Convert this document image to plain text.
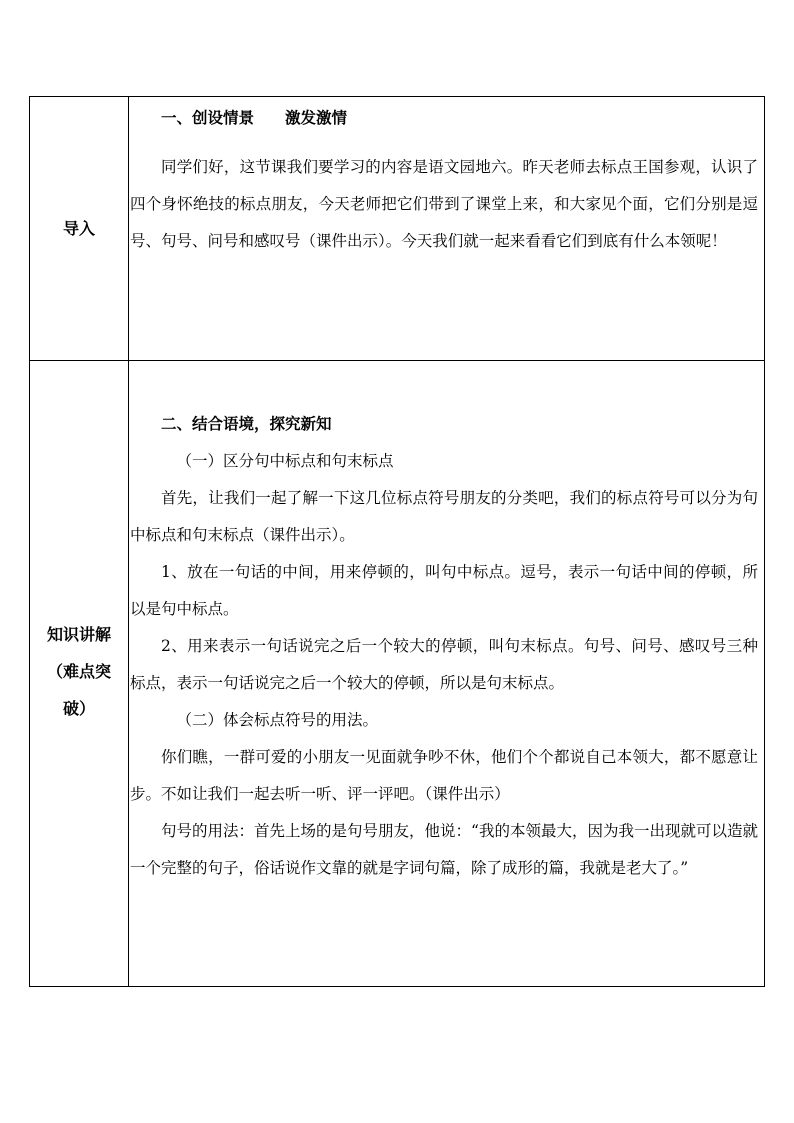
导入
知识讲解
（难点突
破）

一、创设情景　　激发激情

同学们好，这节课我们要学习的内容是语文园地六。昨天老师去标点王国参观，认识了四个身怀绝技的标点朋友，今天老师把它们带到了课堂上来，和大家见个面，它们分别是逗号、句号、问号和感叹号（课件出示）。今天我们就一起来看看它们到底有什么本领呢！

二、结合语境，探究新知

（一）区分句中标点和句末标点

首先，让我们一起了解一下这几位标点符号朋友的分类吧，我们的标点符号可以分为句中标点和句末标点（课件出示）。

1、放在一句话的中间，用来停顿的，叫句中标点。逗号，表示一句话中间的停顿，所以是句中标点。

2、用来表示一句话说完之后一个较大的停顿，叫句末标点。句号、问号、感叹号三种标点，表示一句话说完之后一个较大的停顿，所以是句末标点。

（二）体会标点符号的用法。

你们瞧，一群可爱的小朋友一见面就争吵不休，他们个个都说自己本领大，都不愿意让步。不如让我们一起去听一听、评一评吧。（课件出示）

句号的用法：首先上场的是句号朋友，他说：“我的本领最大，因为我一出现就可以造就一个完整的句子，俗话说作文靠的就是字词句篇，除了成形的篇，我就是老大了。”
